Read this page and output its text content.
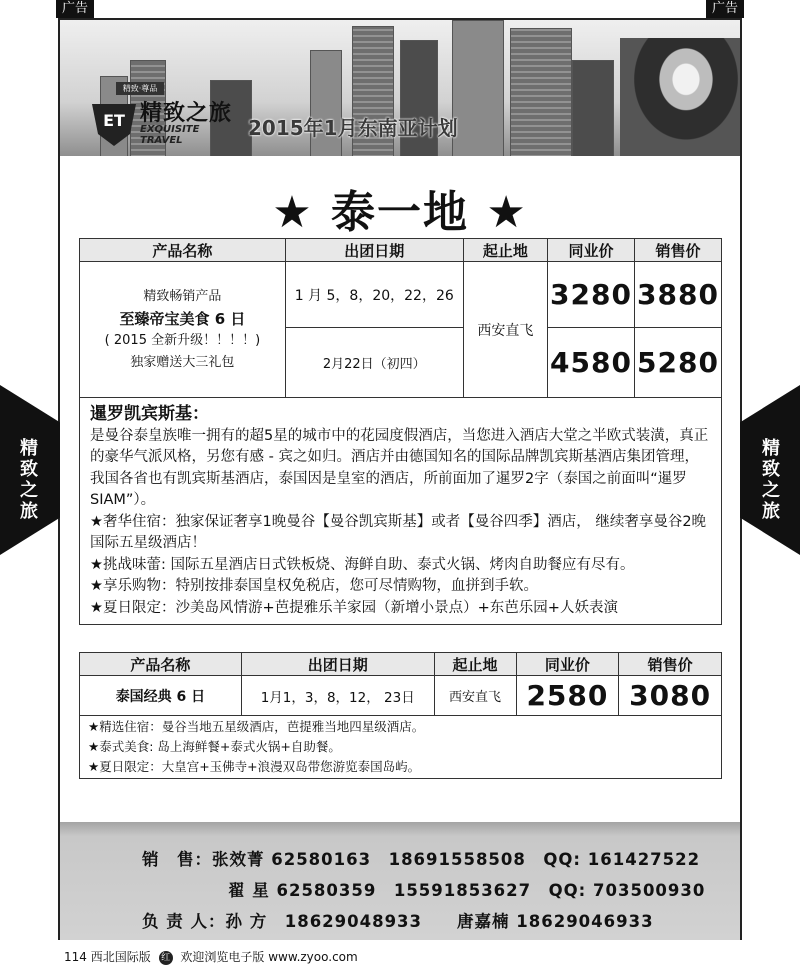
广告	广告
精致·尊品
ET 精致之旅
EXQUISITE
TRAVEL
2015年1月东南亚计划
★ 泰一地 ★
产品名称	出团日期	起止地	同业价	销售价

精致畅销产品
至臻帝宝美食 6 日
( 2015 全新升级！！！！)
独家赠送大三礼包	1 月 5，8，20，22，26	西安直飞	3280	3880
	2月22日（初四）		4580	5280
暹罗凯宾斯基：
是曼谷泰皇族唯一拥有的超5星的城市中的花园度假酒店，当您进入酒店大堂之半欧式装潢，真正的豪华气派风格，另您有感 - 宾之如归。酒店并由德国知名的国际品牌凯宾斯基酒店集团管理，我国各省也有凯宾斯基酒店，泰国因是皇室的酒店，所前面加了暹罗2字（泰国之前面叫“暹罗 SIAM”）。
★奢华住宿：独家保证奢享1晚曼谷【曼谷凯宾斯基】或者【曼谷四季】酒店， 继续奢享曼谷2晚国际五星级酒店！
★挑战味蕾: 国际五星酒店日式铁板烧、海鲜自助、泰式火锅、烤肉自助餐应有尽有。
★享乐购物：特别按排泰国皇权免税店，您可尽情购物，血拼到手软。
★夏日限定：沙美岛风情游+芭提雅乐羊家园（新增小景点）+东芭乐园+人妖表演
产品名称	出团日期	起止地	同业价	销售价
泰国经典 6 日	1月1，3，8，12， 23日	西安直飞	2580	3080
★精选住宿：曼谷当地五星级酒店，芭提雅当地四星级酒店。
★泰式美食: 岛上海鲜餐+泰式火锅+自助餐。
★夏日限定：大皇宫+玉佛寺+浪漫双岛带您游览泰国岛屿。
精致之旅
精致之旅
销　售：张效菁 62580163　18691558508　QQ: 161427522
翟 星 62580359　15591853627　QQ: 703500930
负 责 人：孙 方　18629048933　　唐嘉楠 18629046933
114 西北国际版 红 欢迎浏览电子版 www.zyoo.com
